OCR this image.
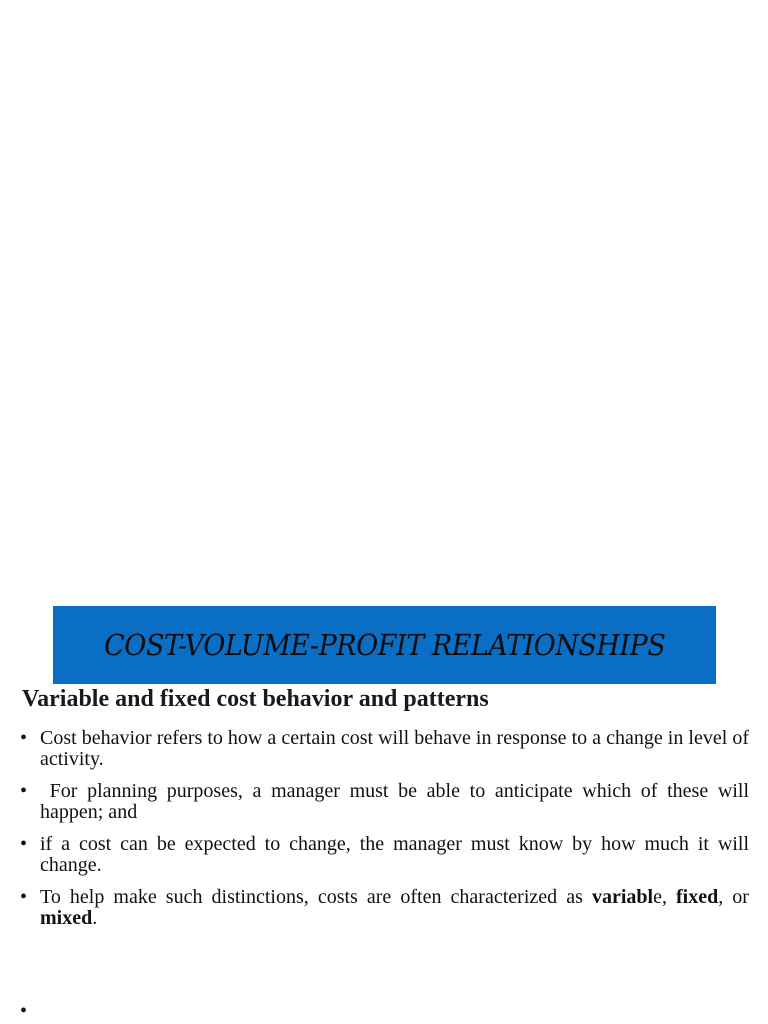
COST-VOLUME-PROFIT RELATIONSHIPS
Variable and fixed cost behavior and patterns
• Cost behavior refers to how a certain cost will behave in response to a change in level of activity.
• For planning purposes, a manager must be able to anticipate which of these will happen; and
• if a cost can be expected to change, the manager must know by how much it will change.
• To help make such distinctions, costs are often characterized as variable, fixed, or mixed.
•
